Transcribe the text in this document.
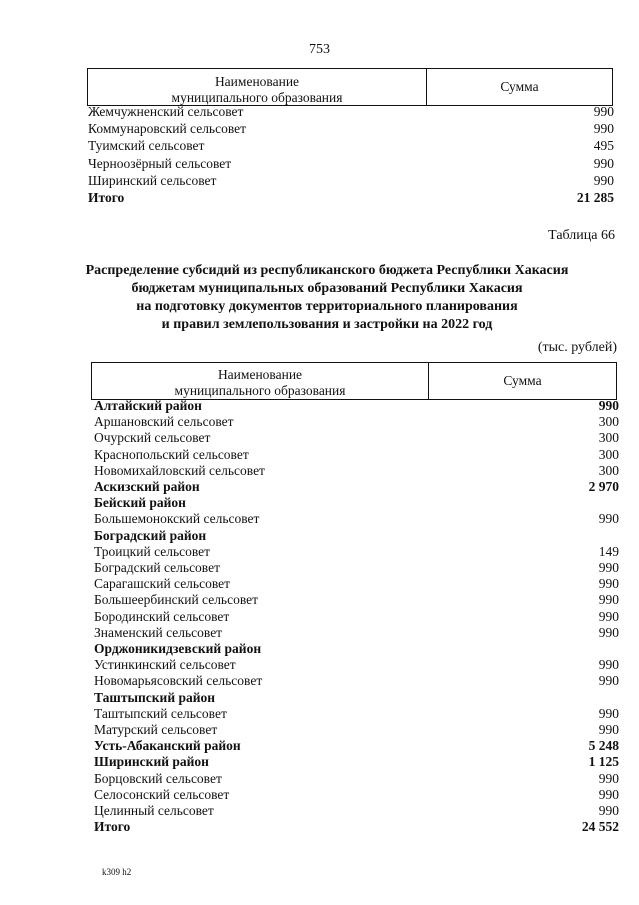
753
Наименование
муниципального образования
Сумма
Жемчужненский сельсовет	990
Коммунаровский сельсовет	990
Туимский сельсовет	495
Черноозёрный сельсовет	990
Ширинский сельсовет	990
Итого	21 285
Таблица 66
Распределение субсидий из республиканского бюджета Республики Хакасия
бюджетам муниципальных образований Республики Хакасия
на подготовку документов территориального планирования
и правил землепользования и застройки на 2022 год
(тыс. рублей)
Наименование
муниципального образования
Сумма
Алтайский район	990
Аршановский сельсовет	300
Очурский сельсовет	300
Краснопольский сельсовет	300
Новомихайловский сельсовет	300
Аскизский район	2 970
Бейский район
Большемонокский сельсовет	990
Боградский район
Троицкий сельсовет	149
Боградский сельсовет	990
Сарагашский сельсовет	990
Большеербинский сельсовет	990
Бородинский сельсовет	990
Знаменский сельсовет	990
Орджоникидзевский район
Устинкинский сельсовет	990
Новомарьясовский сельсовет	990
Таштыпский район
Таштыпский сельсовет	990
Матурский сельсовет	990
Усть-Абаканский район	5 248
Ширинский район	1 125
Борцовский сельсовет	990
Селосонский сельсовет	990
Целинный сельсовет	990
Итого	24 552
k309 h2
